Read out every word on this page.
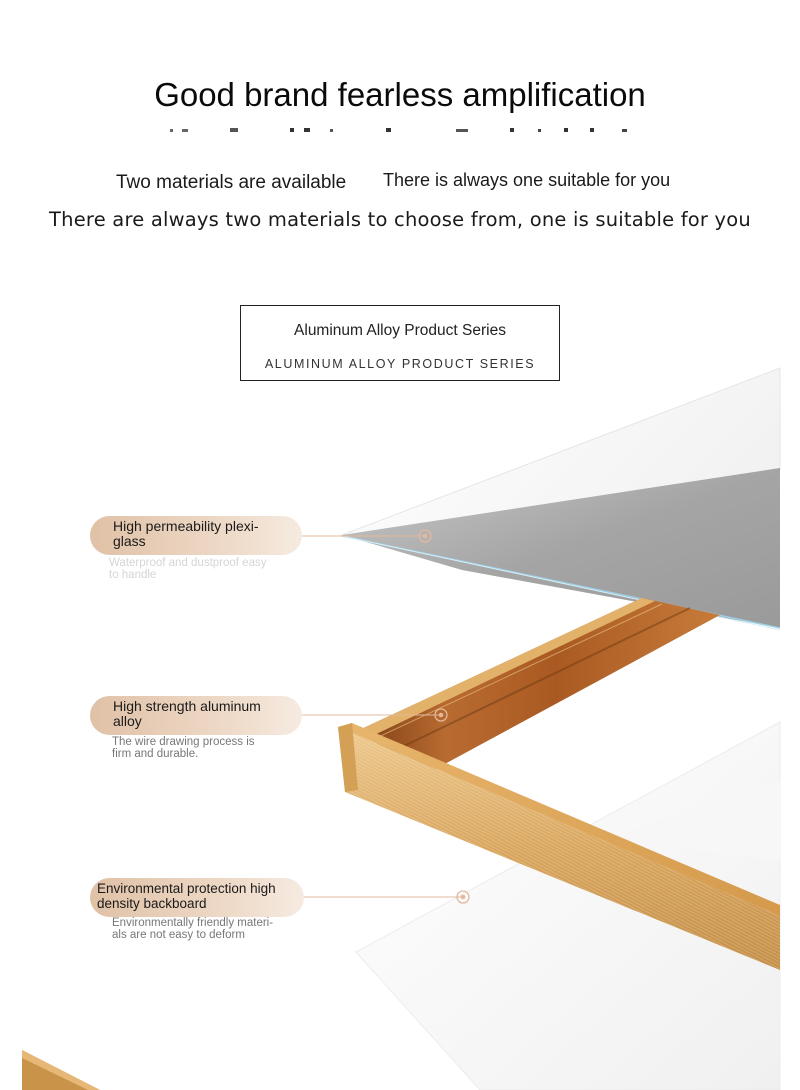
Good brand fearless amplification
Two materials are available There is always one suitable for you
There are always two materials to choose from, one is suitable for you
Aluminum Alloy Product Series
ALUMINUM ALLOY PRODUCT SERIES
High permeability plexi-
glass
Waterproof and dustproof easy
to handle
High strength aluminum
alloy
The wire drawing process is
firm and durable.
Environmental protection high
density backboard
Environmentally friendly materi-
als are not easy to deform
